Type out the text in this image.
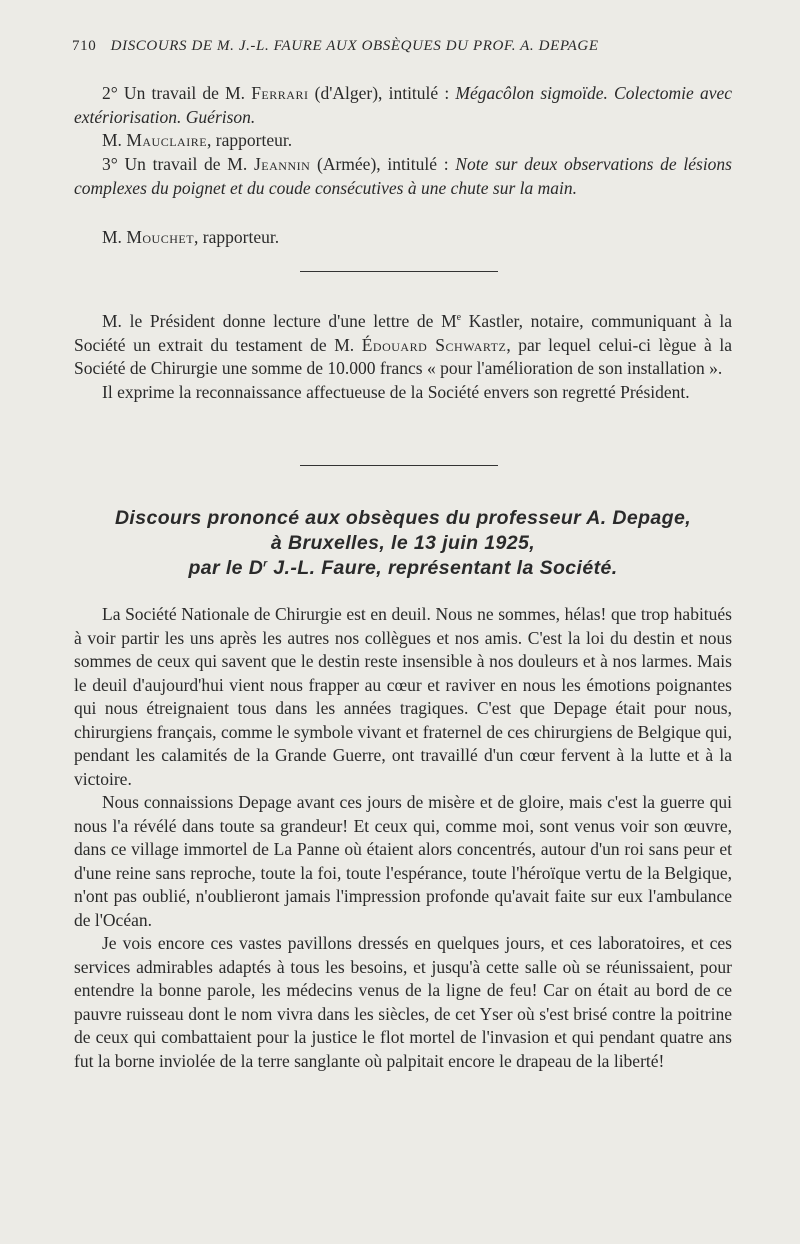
710 DISCOURS DE M. J.-L. FAURE AUX OBSÈQUES DU PROF. A. DEPAGE

2° Un travail de M. Ferrari (d'Alger), intitulé : Mégacôlon sigmoïde. Colectomie avec extériorisation. Guérison.

M. Mauclaire, rapporteur.

3° Un travail de M. Jeannin (Armée), intitulé : Note sur deux observations de lésions complexes du poignet et du coude consécutives à une chute sur la main.

M. Mouchet, rapporteur.

M. le Président donne lecture d'une lettre de Me Kastler, notaire, communiquant à la Société un extrait du testament de M. Édouard Schwartz, par lequel celui-ci lègue à la Société de Chirurgie une somme de 10.000 francs « pour l'amélioration de son installation ».

Il exprime la reconnaissance affectueuse de la Société envers son regretté Président.

Discours prononcé aux obsèques du professeur A. Depage,
à Bruxelles, le 13 juin 1925,
par le $D^r$ J.-L. Faure, représentant la Société.

La Société Nationale de Chirurgie est en deuil. Nous ne sommes, hélas! que trop habitués à voir partir les uns après les autres nos collègues et nos amis. C'est la loi du destin et nous sommes de ceux qui savent que le destin reste insensible à nos douleurs et à nos larmes. Mais le deuil d'aujourd'hui vient nous frapper au cœur et raviver en nous les émotions poignantes qui nous étreignaient tous dans les années tragiques. C'est que Depage était pour nous, chirurgiens français, comme le symbole vivant et fraternel de ces chirurgiens de Belgique qui, pendant les calamités de la Grande Guerre, ont travaillé d'un cœur fervent à la lutte et à la victoire.

Nous connaissions Depage avant ces jours de misère et de gloire, mais c'est la guerre qui nous l'a révélé dans toute sa grandeur! Et ceux qui, comme moi, sont venus voir son œuvre, dans ce village immortel de La Panne où étaient alors concentrés, autour d'un roi sans peur et d'une reine sans reproche, toute la foi, toute l'espérance, toute l'héroïque vertu de la Belgique, n'ont pas oublié, n'oublieront jamais l'impression profonde qu'avait faite sur eux l'ambulance de l'Océan.

Je vois encore ces vastes pavillons dressés en quelques jours, et ces laboratoires, et ces services admirables adaptés à tous les besoins, et jusqu'à cette salle où se réunissaient, pour entendre la bonne parole, les médecins venus de la ligne de feu! Car on était au bord de ce pauvre ruisseau dont le nom vivra dans les siècles, de cet Yser où s'est brisé contre la poitrine de ceux qui combattaient pour la justice le flot mortel de l'invasion et qui pendant quatre ans fut la borne inviolée de la terre sanglante où palpitait encore le drapeau de la liberté!
